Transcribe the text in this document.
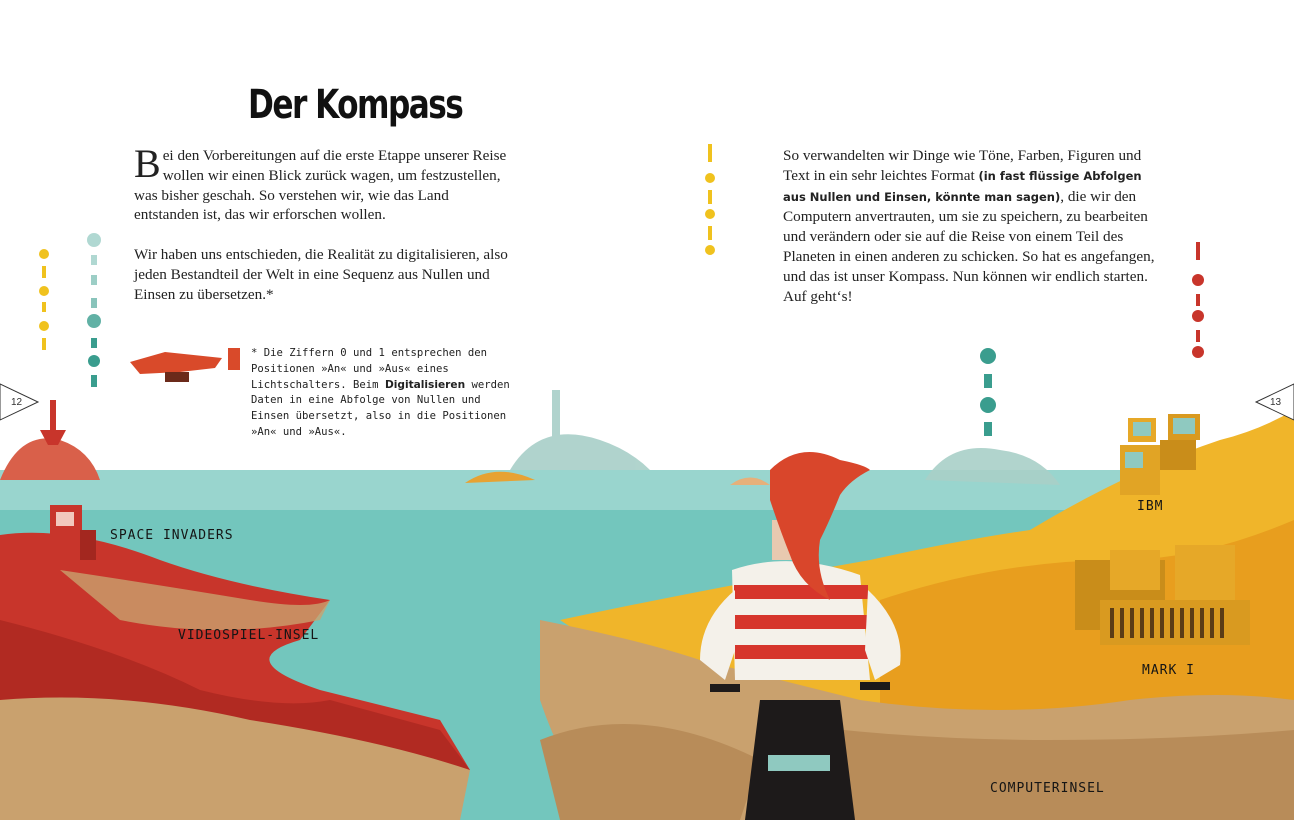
Der Kompass
Bei den Vorbereitungen auf die erste Etappe unserer Reise wollen wir einen Blick zurück wagen, um festzustellen, was bisher geschah. So verstehen wir, wie das Land entstanden ist, das wir erforschen wollen.
Wir haben uns entschieden, die Realität zu digitalisieren, also jeden Bestandteil der Welt in eine Sequenz aus Nullen und Einsen zu übersetzen.*
So verwandelten wir Dinge wie Töne, Farben, Figuren und Text in ein sehr leichtes Format (in fast flüssige Abfolgen aus Nullen und Einsen, könnte man sagen), die wir den Computern anvertrauten, um sie zu speichern, zu bearbeiten und verändern oder sie auf die Reise von einem Teil des Planeten in einen anderen zu schicken. So hat es angefangen, und das ist unser Kompass. Nun können wir endlich starten. Auf geht‘s!
* Die Ziffern 0 und 1 entsprechen den Positionen »An« und »Aus« eines Lichtschalters. Beim Digitalisieren werden Daten in eine Abfolge von Nullen und Einsen übersetzt, also in die Positionen »An« und »Aus«.
SPACE INVADERS
VIDEOSPIEL-INSEL
IBM
MARK I
COMPUTERINSEL
12	13
